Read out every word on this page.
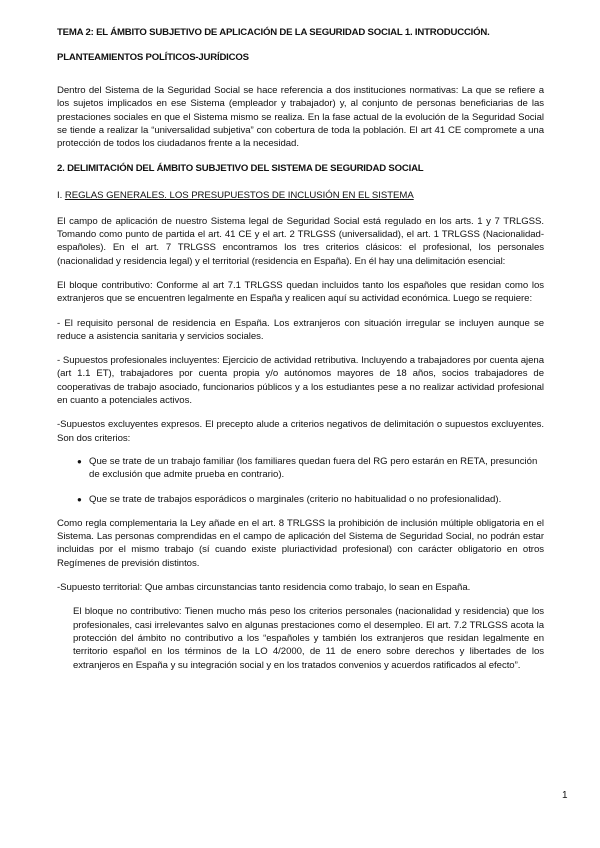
TEMA 2: EL ÁMBITO SUBJETIVO DE APLICACIÓN DE LA SEGURIDAD SOCIAL 1. INTRODUCCIÓN.

PLANTEAMIENTOS POLÍTICOS-JURÍDICOS

Dentro del Sistema de la Seguridad Social se hace referencia a dos instituciones normativas: La que se refiere a los sujetos implicados en ese Sistema (empleador y trabajador) y, al conjunto de personas beneficiarias de las prestaciones sociales en que el Sistema mismo se realiza. En la fase actual de la evolución de la Seguridad Social se tiende a realizar la “universalidad subjetiva” con cobertura de toda la población. El art 41 CE compromete a una protección de todos los ciudadanos frente a la necesidad.

2. DELIMITACIÓN DEL ÁMBITO SUBJETIVO DEL SISTEMA DE SEGURIDAD SOCIAL

I. REGLAS GENERALES. LOS PRESUPUESTOS DE INCLUSIÓN EN EL SISTEMA

El campo de aplicación de nuestro Sistema legal de Seguridad Social está regulado en los arts. 1 y 7 TRLGSS. Tomando como punto de partida el art. 41 CE y el art. 2 TRLGSS (universalidad), el art. 1 TRLGSS (Nacionalidad-españoles). En el art. 7 TRLGSS encontramos los tres criterios clásicos: el profesional, los personales (nacionalidad y residencia legal) y el territorial (residencia en España). En él hay una delimitación esencial:

El bloque contributivo: Conforme al art 7.1 TRLGSS quedan incluidos tanto los españoles que residan como los extranjeros que se encuentren legalmente en España y realicen aquí su actividad económica. Luego se requiere:

- El requisito personal de residencia en España. Los extranjeros con situación irregular se incluyen aunque se reduce a asistencia sanitaria y servicios sociales.

- Supuestos profesionales incluyentes: Ejercicio de actividad retributiva. Incluyendo a trabajadores por cuenta ajena (art 1.1 ET), trabajadores por cuenta propia y/o autónomos mayores de 18 años, socios trabajadores de cooperativas de trabajo asociado, funcionarios públicos y a los estudiantes pese a no realizar actividad profesional en cuanto a potenciales activos.

-Supuestos excluyentes expresos. El precepto alude a criterios negativos de delimitación o supuestos excluyentes. Son dos criterios:

● Que se trate de un trabajo familiar (los familiares quedan fuera del RG pero estarán en RETA, presunción de exclusión que admite prueba en contrario).
● Que se trate de trabajos esporádicos o marginales (criterio no habitualidad o no profesionalidad).

Como regla complementaria la Ley añade en el art. 8 TRLGSS la prohibición de inclusión múltiple obligatoria en el Sistema. Las personas comprendidas en el campo de aplicación del Sistema de Seguridad Social, no podrán estar incluidas por el mismo trabajo (sí cuando existe pluriactividad profesional) con carácter obligatorio en otros Regímenes de previsión distintos.

-Supuesto territorial: Que ambas circunstancias tanto residencia como trabajo, lo sean en España.

El bloque no contributivo: Tienen mucho más peso los criterios personales (nacionalidad y residencia) que los profesionales, casi irrelevantes salvo en algunas prestaciones como el desempleo. El art. 7.2 TRLGSS acota la protección del ámbito no contributivo a los “españoles y también los extranjeros que residan legalmente en territorio español en los términos de la LO 4/2000, de 11 de enero sobre derechos y libertades de los extranjeros en España y su integración social y en los tratados convenios y acuerdos ratificados al efecto”.

1
